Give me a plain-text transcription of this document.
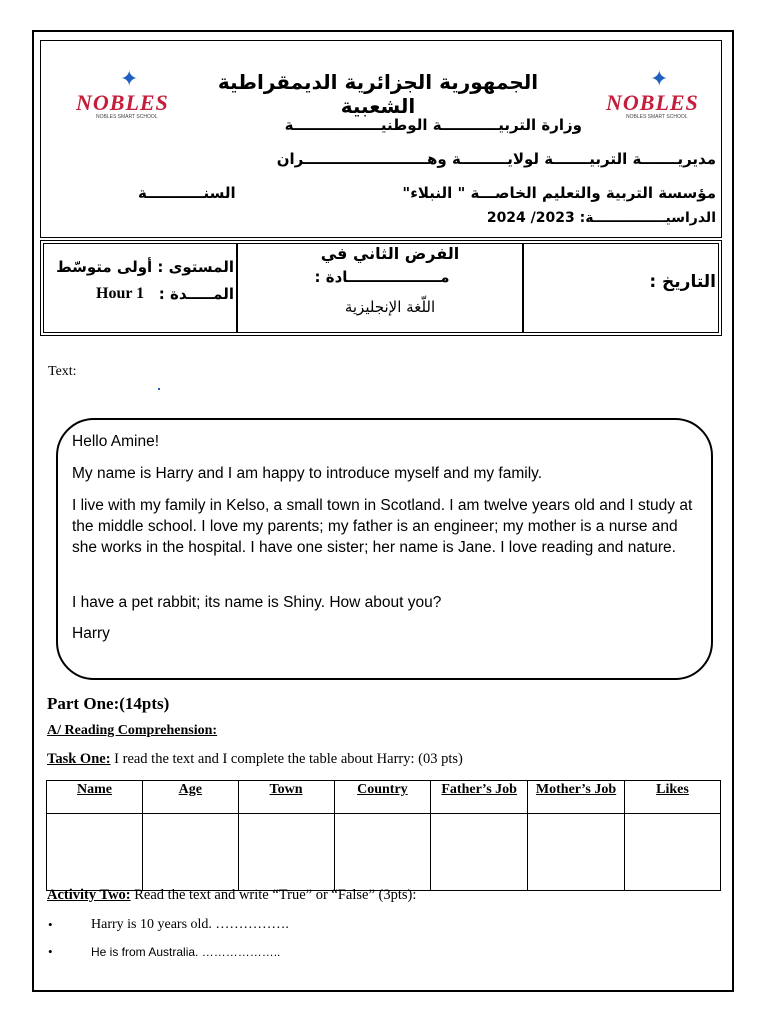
✦
NOBLES
NOBLES SMART SCHOOL
✦
NOBLES
NOBLES SMART SCHOOL
الجمهورية الجزائرية الديمقراطية الشعبية
وزارة التربيـــــــــــة الوطنيـــــــــــــــــة
مديريـــــــة التربيـــــــة لولايـــــــــة وهــــــــــــــــــــــــران
مؤسسة التربية والتعليم الخاصـــة " النبلاء"
السنـــــــــــة
الدراسيـــــــــــــــة: 2023/ 2024
التاريخ :
الفرض الثاني في
مــــــــــــــــــادة :
اللّغة الإنجليزية
المستوى : أولى متوسّط
المـــــدة :
Hour 1
Text:

Hello Amine!

My name is Harry and I am happy to introduce myself and my family.

I live with my family in Kelso, a small town in Scotland. I am twelve years old and I study at the middle school. I love my parents; my father is an engineer; my mother is a nurse and she works in the hospital. I have one sister; her name is Jane. I love reading and nature.

I have a pet rabbit; its name is Shiny. How about you?

Harry

Part One:(14pts)
A/ Reading Comprehension:
Task One: I read the text and I complete the table about Harry: (03 pts)
Name	Age	Town	Country	Father’s Job	Mother’s Job	Likes

Activity Two: Read the text and write “True” or “False” (3pts):
•	Harry is 10 years old. …………….
•	He is from Australia. ………………..
